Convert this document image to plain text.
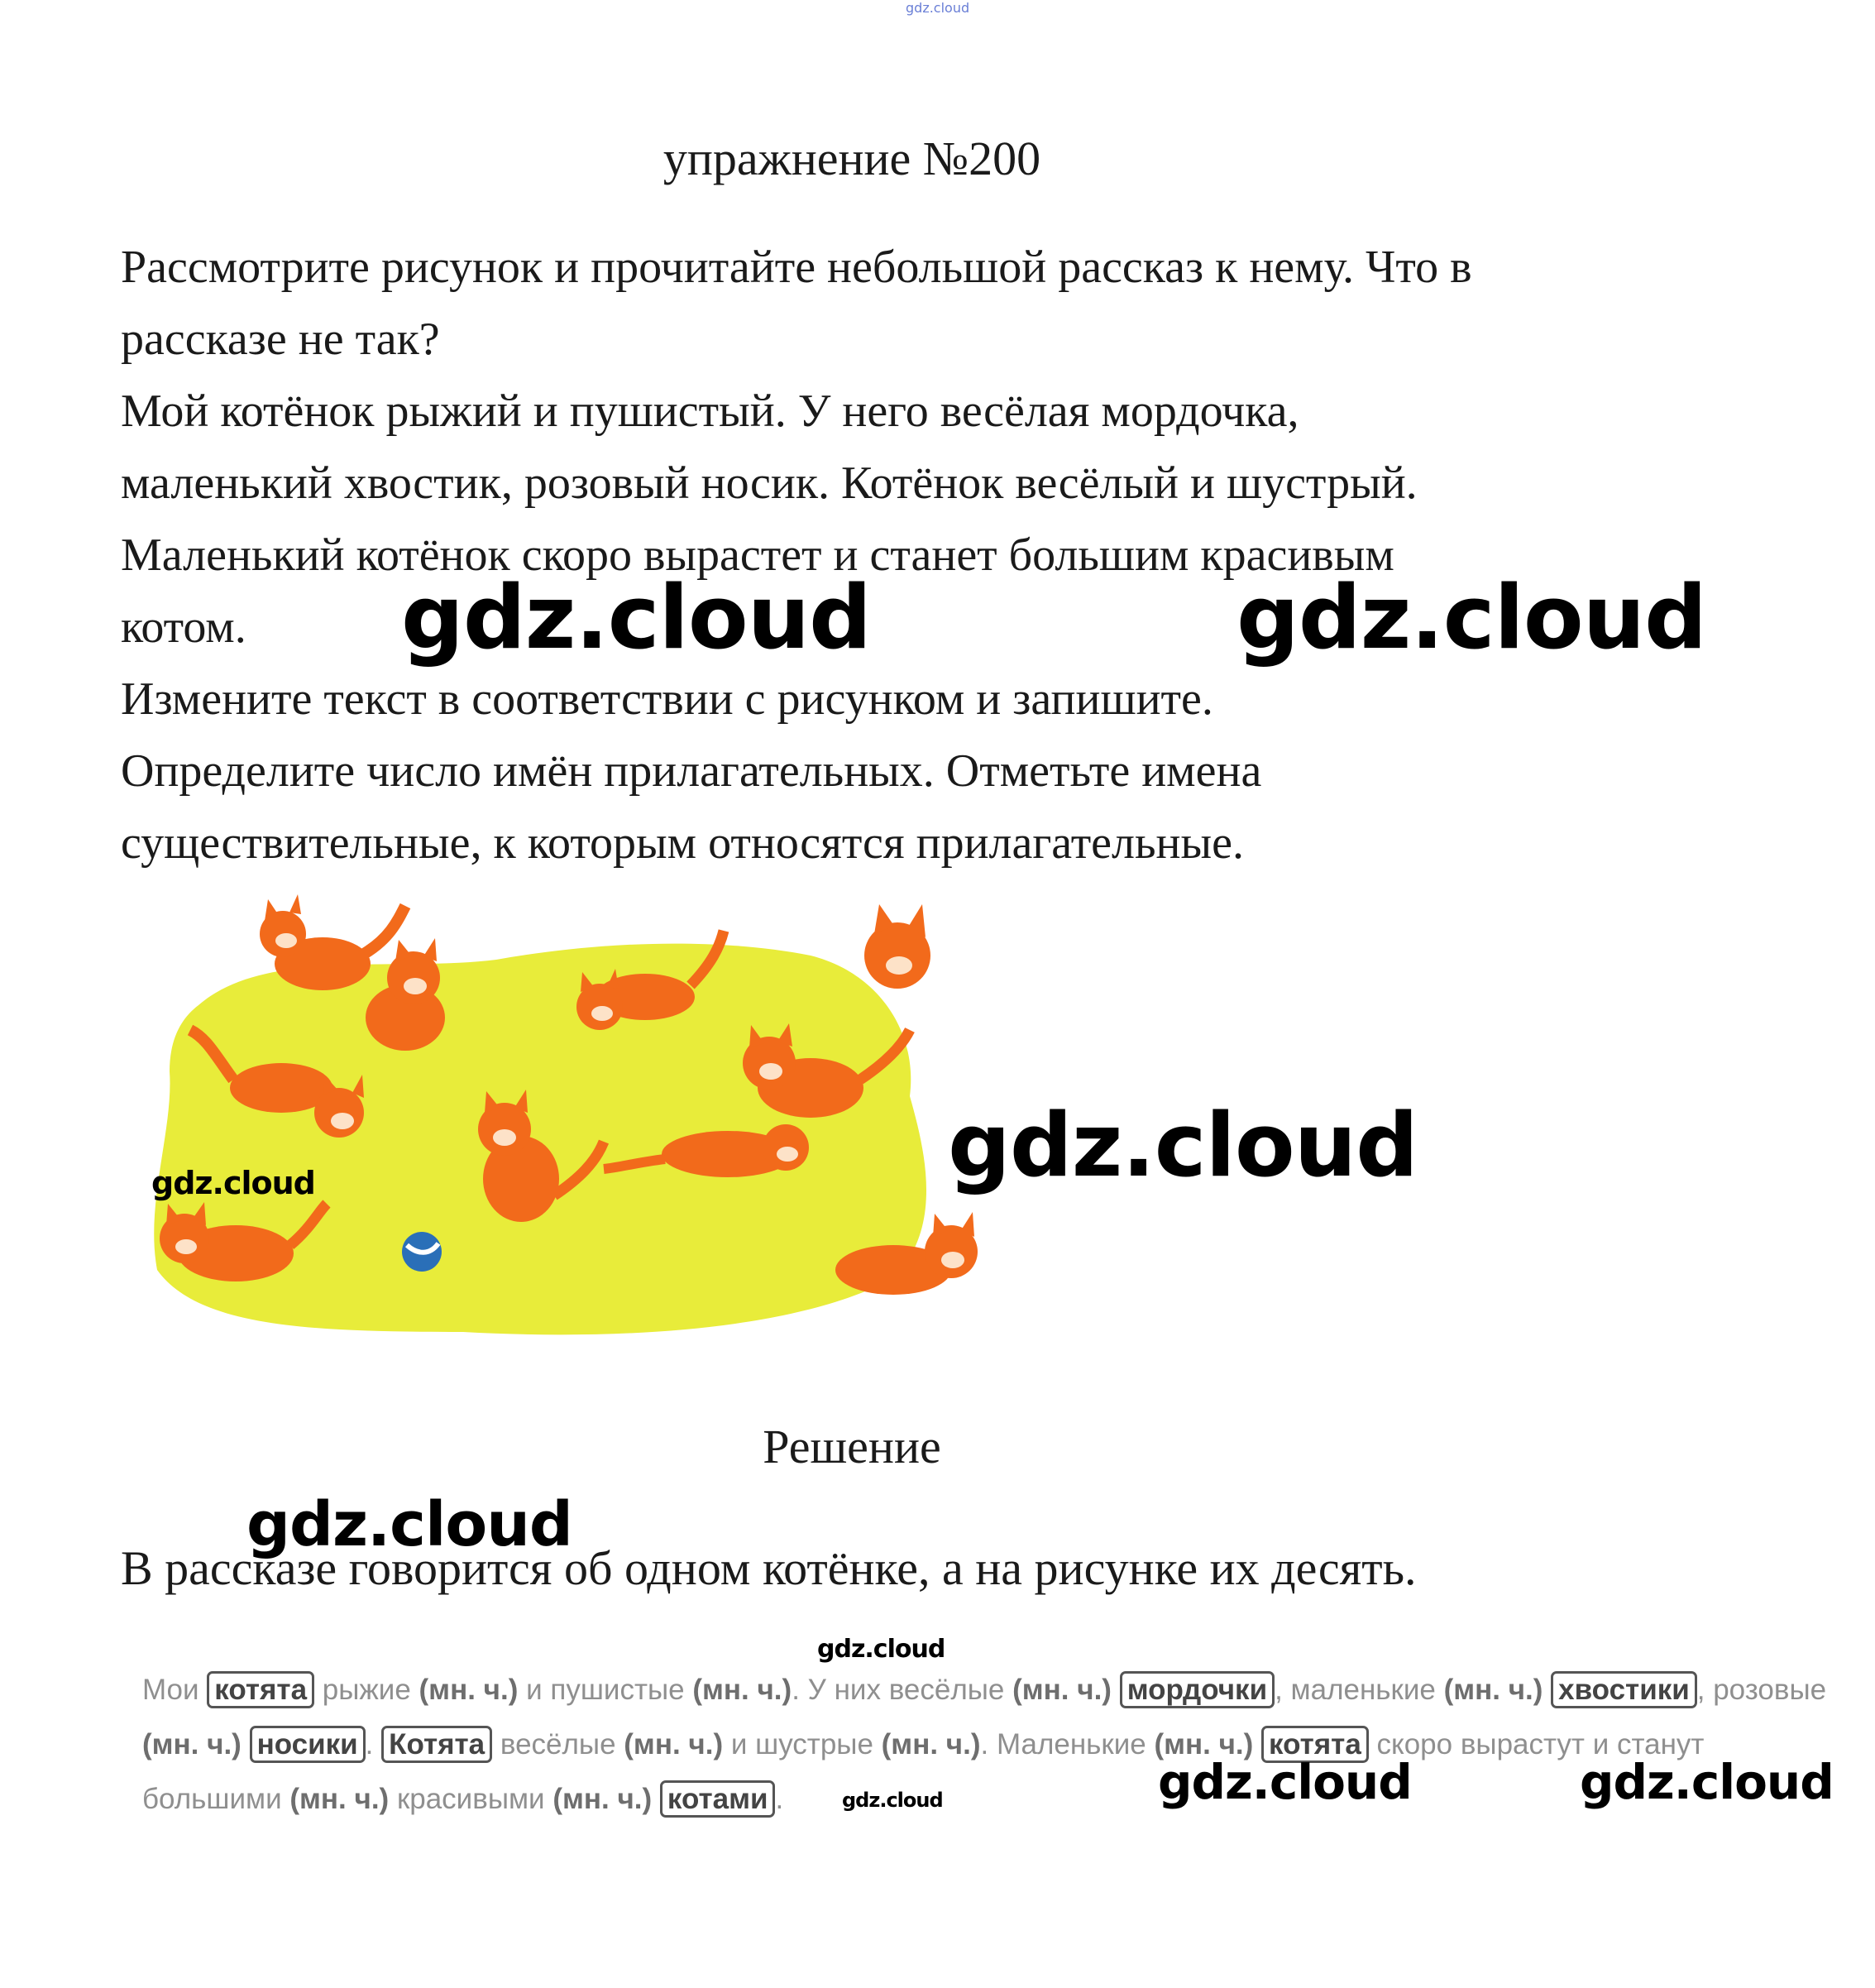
gdz.cloud
упражнение №200

Рассмотрите рисунок и прочитайте небольшой рассказ к нему. Что в

рассказе не так?

Мой котёнок рыжий и пушистый. У него весёлая мордочка,

маленький хвостик, розовый носик. Котёнок весёлый и шустрый.

Маленький котёнок скоро вырастет и станет большим красивым

котом.

Измените текст в соответствии с рисунком и запишите.

Определите число имён прилагательных. Отметьте имена

существительные, к которым относятся прилагательные.

Решение
В рассказе говорится об одном котёнке, а на рисунке их десять.
Мои котята рыжие (мн. ч.) и пушистые (мн. ч.). У них весёлые (мн. ч.) мордочки , маленькие (мн. ч.) хвостики , розовые
(мн. ч.) носики . Котята весёлые (мн. ч.) и шустрые (мн. ч.). Маленькие (мн. ч.) котята скоро вырастут и станут
большими (мн. ч.) красивыми (мн. ч.) котами .
gdz.cloud	gdz.cloud
gdz.cloud
gdz.cloud
gdz.cloud
gdz.cloud
gdz.cloud	gdz.cloud
gdz.cloud
